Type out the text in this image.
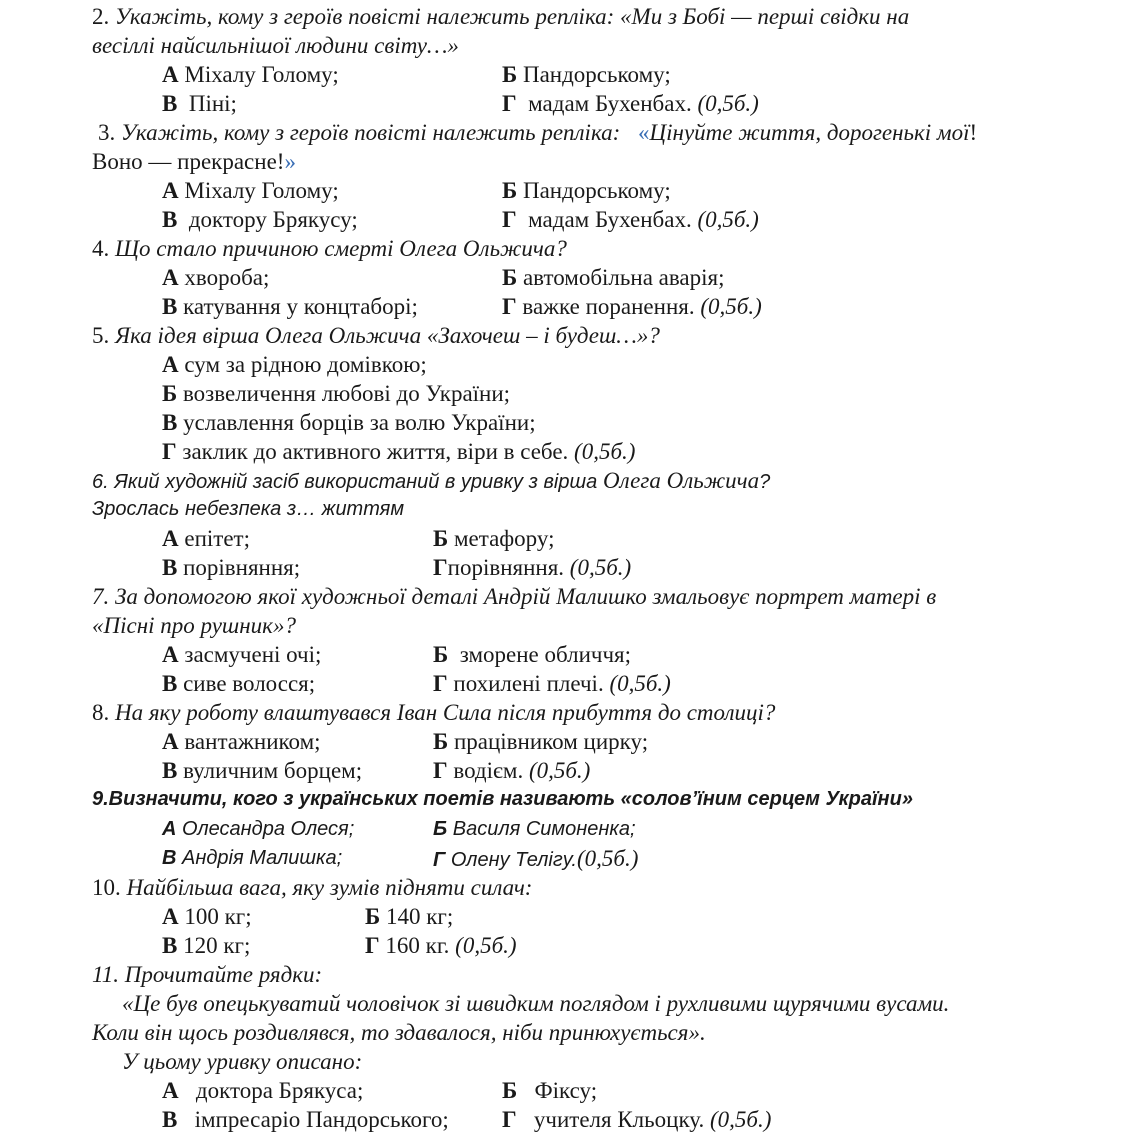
2. Укажіть, кому з героїв повісті належить репліка: «Ми з Бобі — перші свідки на
весіллі найсильнішої людини світу…»
А Міхалу Голому;	Б Пандорському;
В Піні;	Г мадам Бухенбах. (0,5б.)
3. Укажіть, кому з героїв повісті належить репліка: «Цінуйте життя, дорогенькі мої!
Воно — прекрасне!»
А Міхалу Голому;	Б Пандорському;
В доктору Брякусу;	Г мадам Бухенбах. (0,5б.)
4. Що стало причиною смерті Олега Ольжича?
А хвороба;	Б автомобільна аварія;
В катування у концтаборі;	Г важке поранення. (0,5б.)
5. Яка ідея вірша Олега Ольжича «Захочеш – і будеш…»?
А сум за рідною домівкою;
Б возвеличення любові до України;
В уславлення борців за волю України;
Г заклик до активного життя, віри в себе. (0,5б.)
6. Який художній засіб використаний в уривку з вірша Олега Ольжича?
Зрослась небезпека з… життям
А епітет;	Б метафору;
В порівняння;	Гпорівняння. (0,5б.)
7. За допомогою якої художньої деталі Андрій Малишко змальовує портрет матері в
«Пісні про рушник»?
А засмучені очі;	Б зморене обличчя;
В сиве волосся;	Г похилені плечі. (0,5б.)
8. На яку роботу влаштувався Іван Сила після прибуття до столиці?
А вантажником;	Б працівником цирку;
В вуличним борцем;	Г водієм. (0,5б.)
9.Визначити, кого з українських поетів називають «солов’їним серцем України»
А Олесандра Олеся;	Б Василя Симоненка;
В Андрія Малишка;	Г Олену Телігу.(0,5б.)
10. Найбільша вага, яку зумів підняти силач:
А 100 кг;	Б 140 кг;
В 120 кг;	Г 160 кг. (0,5б.)
11. Прочитайте рядки:
«Це був опецькуватий чоловічок зі швидким поглядом і рухливими щурячими вусами.
Коли він щось роздивлявся, то здавалося, ніби принюхується».
У цьому уривку описано:
А доктора Брякуса;	Б Фіксу;
В імпресаріо Пандорського; Г учителя Кльоцку. (0,5б.)
